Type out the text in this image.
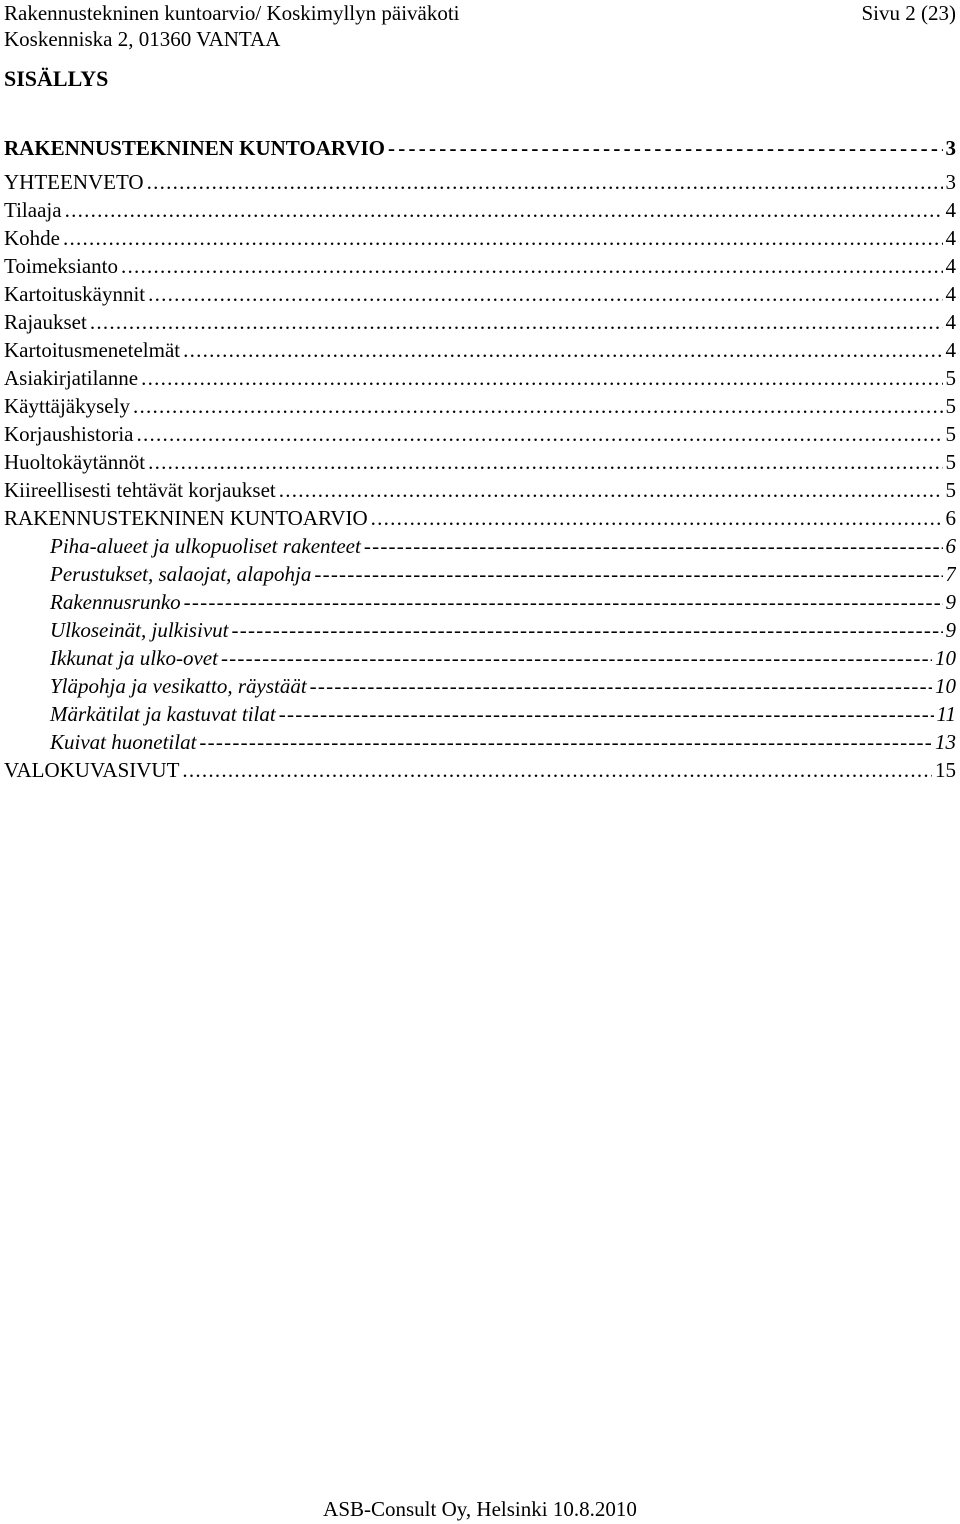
Rakennustekninen kuntoarvio/ Koskimyllyn päiväkoti	Sivu 2 (23)
Koskenniska 2, 01360 VANTAA
SISÄLLYS
RAKENNUSTEKNINEN KUNTOARVIO - - -	3
YHTEENVETO . . .	3
Tilaaja . . .	4
Kohde . . .	4
Toimeksianto . . .	4
Kartoituskäynnit . . .	4
Rajaukset . . .	4
Kartoitusmenetelmät . . .	4
Asiakirjatilanne . . .	5
Käyttäjäkysely . . .	5
Korjaushistoria . . .	5
Huoltokäytännöt . . .	5
Kiireellisesti tehtävät korjaukset . . .	5
RAKENNUSTEKNINEN KUNTOARVIO . . .	6
Piha-alueet ja ulkopuoliset rakenteet - - -	6
Perustukset, salaojat, alapohja - - -	7
Rakennusrunko - - -	9
Ulkoseinät, julkisivut - - -	9
Ikkunat ja ulko-ovet - - -	10
Yläpohja ja vesikatto, räystäät - - -	10
Märkätilat ja kastuvat tilat - - -	11
Kuivat huonetilat - - -	13
VALOKUVASIVUT . . .	15
ASB-Consult Oy, Helsinki 10.8.2010
